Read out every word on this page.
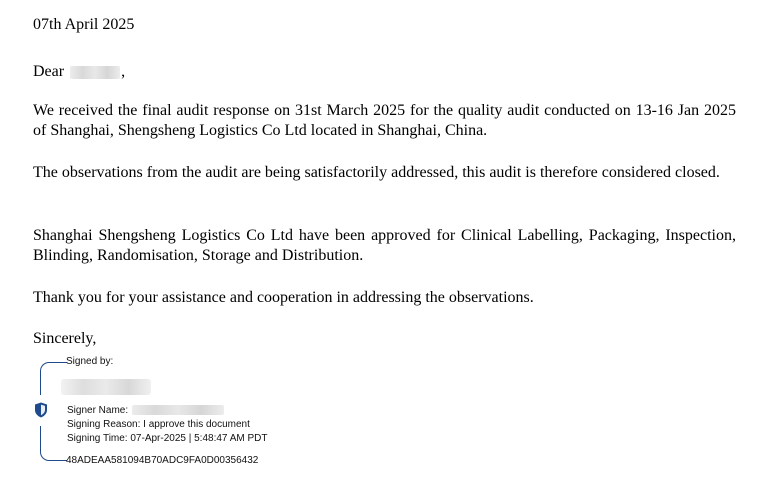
07th April 2025

Dear	,

We received the final audit response on 31st March 2025 for the quality audit conducted on 13-16 Jan 2025 of Shanghai, Shengsheng Logistics Co Ltd located in Shanghai, China.

The observations from the audit are being satisfactorily addressed, this audit is therefore considered closed.

Shanghai Shengsheng Logistics Co Ltd have been approved for Clinical Labelling, Packaging, Inspection, Blinding, Randomisation, Storage and Distribution.

Thank you for your assistance and cooperation in addressing the observations.

Sincerely,

Signed by:
Signer Name:
Signing Reason: I approve this document
Signing Time: 07-Apr-2025 | 5:48:47 AM PDT
48ADEAA581094B70ADC9FA0D00356432
